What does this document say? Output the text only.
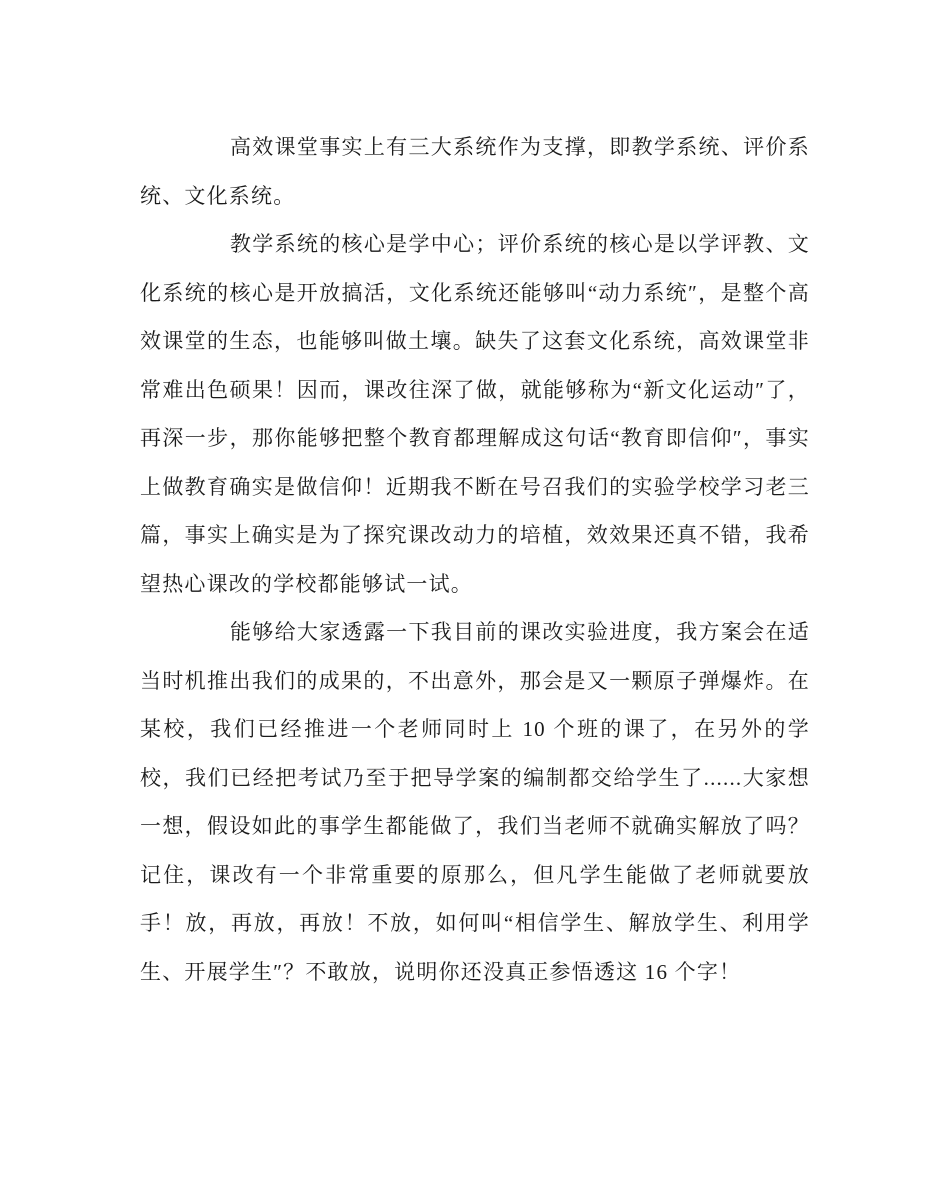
高效课堂事实上有三大系统作为支撑，即教学系统、评价系统、文化系统。

教学系统的核心是学中心；评价系统的核心是以学评教、文化系统的核心是开放搞活，文化系统还能够叫“动力系统″，是整个高效课堂的生态，也能够叫做土壤。缺失了这套文化系统，高效课堂非常难出色硕果！因而，课改往深了做，就能够称为“新文化运动″了，再深一步，那你能够把整个教育都理解成这句话“教育即信仰″，事实上做教育确实是做信仰！近期我不断在号召我们的实验学校学习老三篇，事实上确实是为了探究课改动力的培植，效效果还真不错，我希望热心课改的学校都能够试一试。

能够给大家透露一下我目前的课改实验进度，我方案会在适当时机推出我们的成果的，不出意外，那会是又一颗原子弹爆炸。在某校，我们已经推进一个老师同时上 10 个班的课了，在另外的学校，我们已经把考试乃至于把导学案的编制都交给学生了......大家想一想，假设如此的事学生都能做了，我们当老师不就确实解放了吗？记住，课改有一个非常重要的原那么，但凡学生能做了老师就要放手！放，再放，再放！不放，如何叫“相信学生、解放学生、利用学生、开展学生″？不敢放，说明你还没真正参悟透这 16 个字！
